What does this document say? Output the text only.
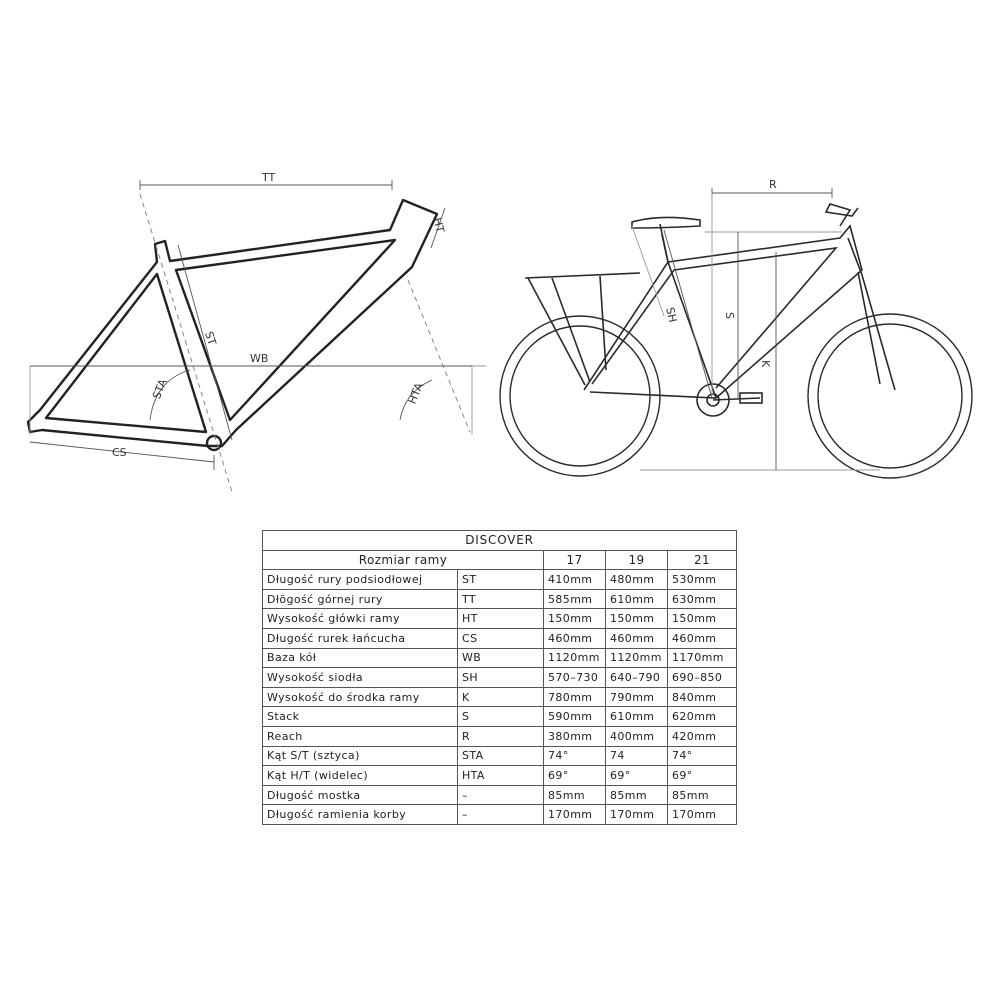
TT
HT
ST
WB
STA	HTA
CS
R
SH	S
K
DISCOVER				
Rozmiar ramy		17	19	21
Długość rury podsiodłowej	ST	410mm	480mm	530mm
Dłögość górnej rury	TT	585mm	610mm	630mm
Wysokość główki ramy	HT	150mm	150mm	150mm
Długość rurek łańcucha	CS	460mm	460mm	460mm
Baza kół	WB	1120mm	1120mm	1170mm
Wysokość siodła	SH	570–730	640–790	690–850
Wysokość do środka ramy	K	780mm	790mm	840mm
Stack	S	590mm	610mm	620mm
Reach	R	380mm	400mm	420mm
Kąt S/T (sztyca)	STA	74°	74	74°
Kąt H/T (widelec)	HTA	69°	69°	69°
Długość mostka	–	85mm	85mm	85mm
Długość ramienia korby	–	170mm	170mm	170mm
